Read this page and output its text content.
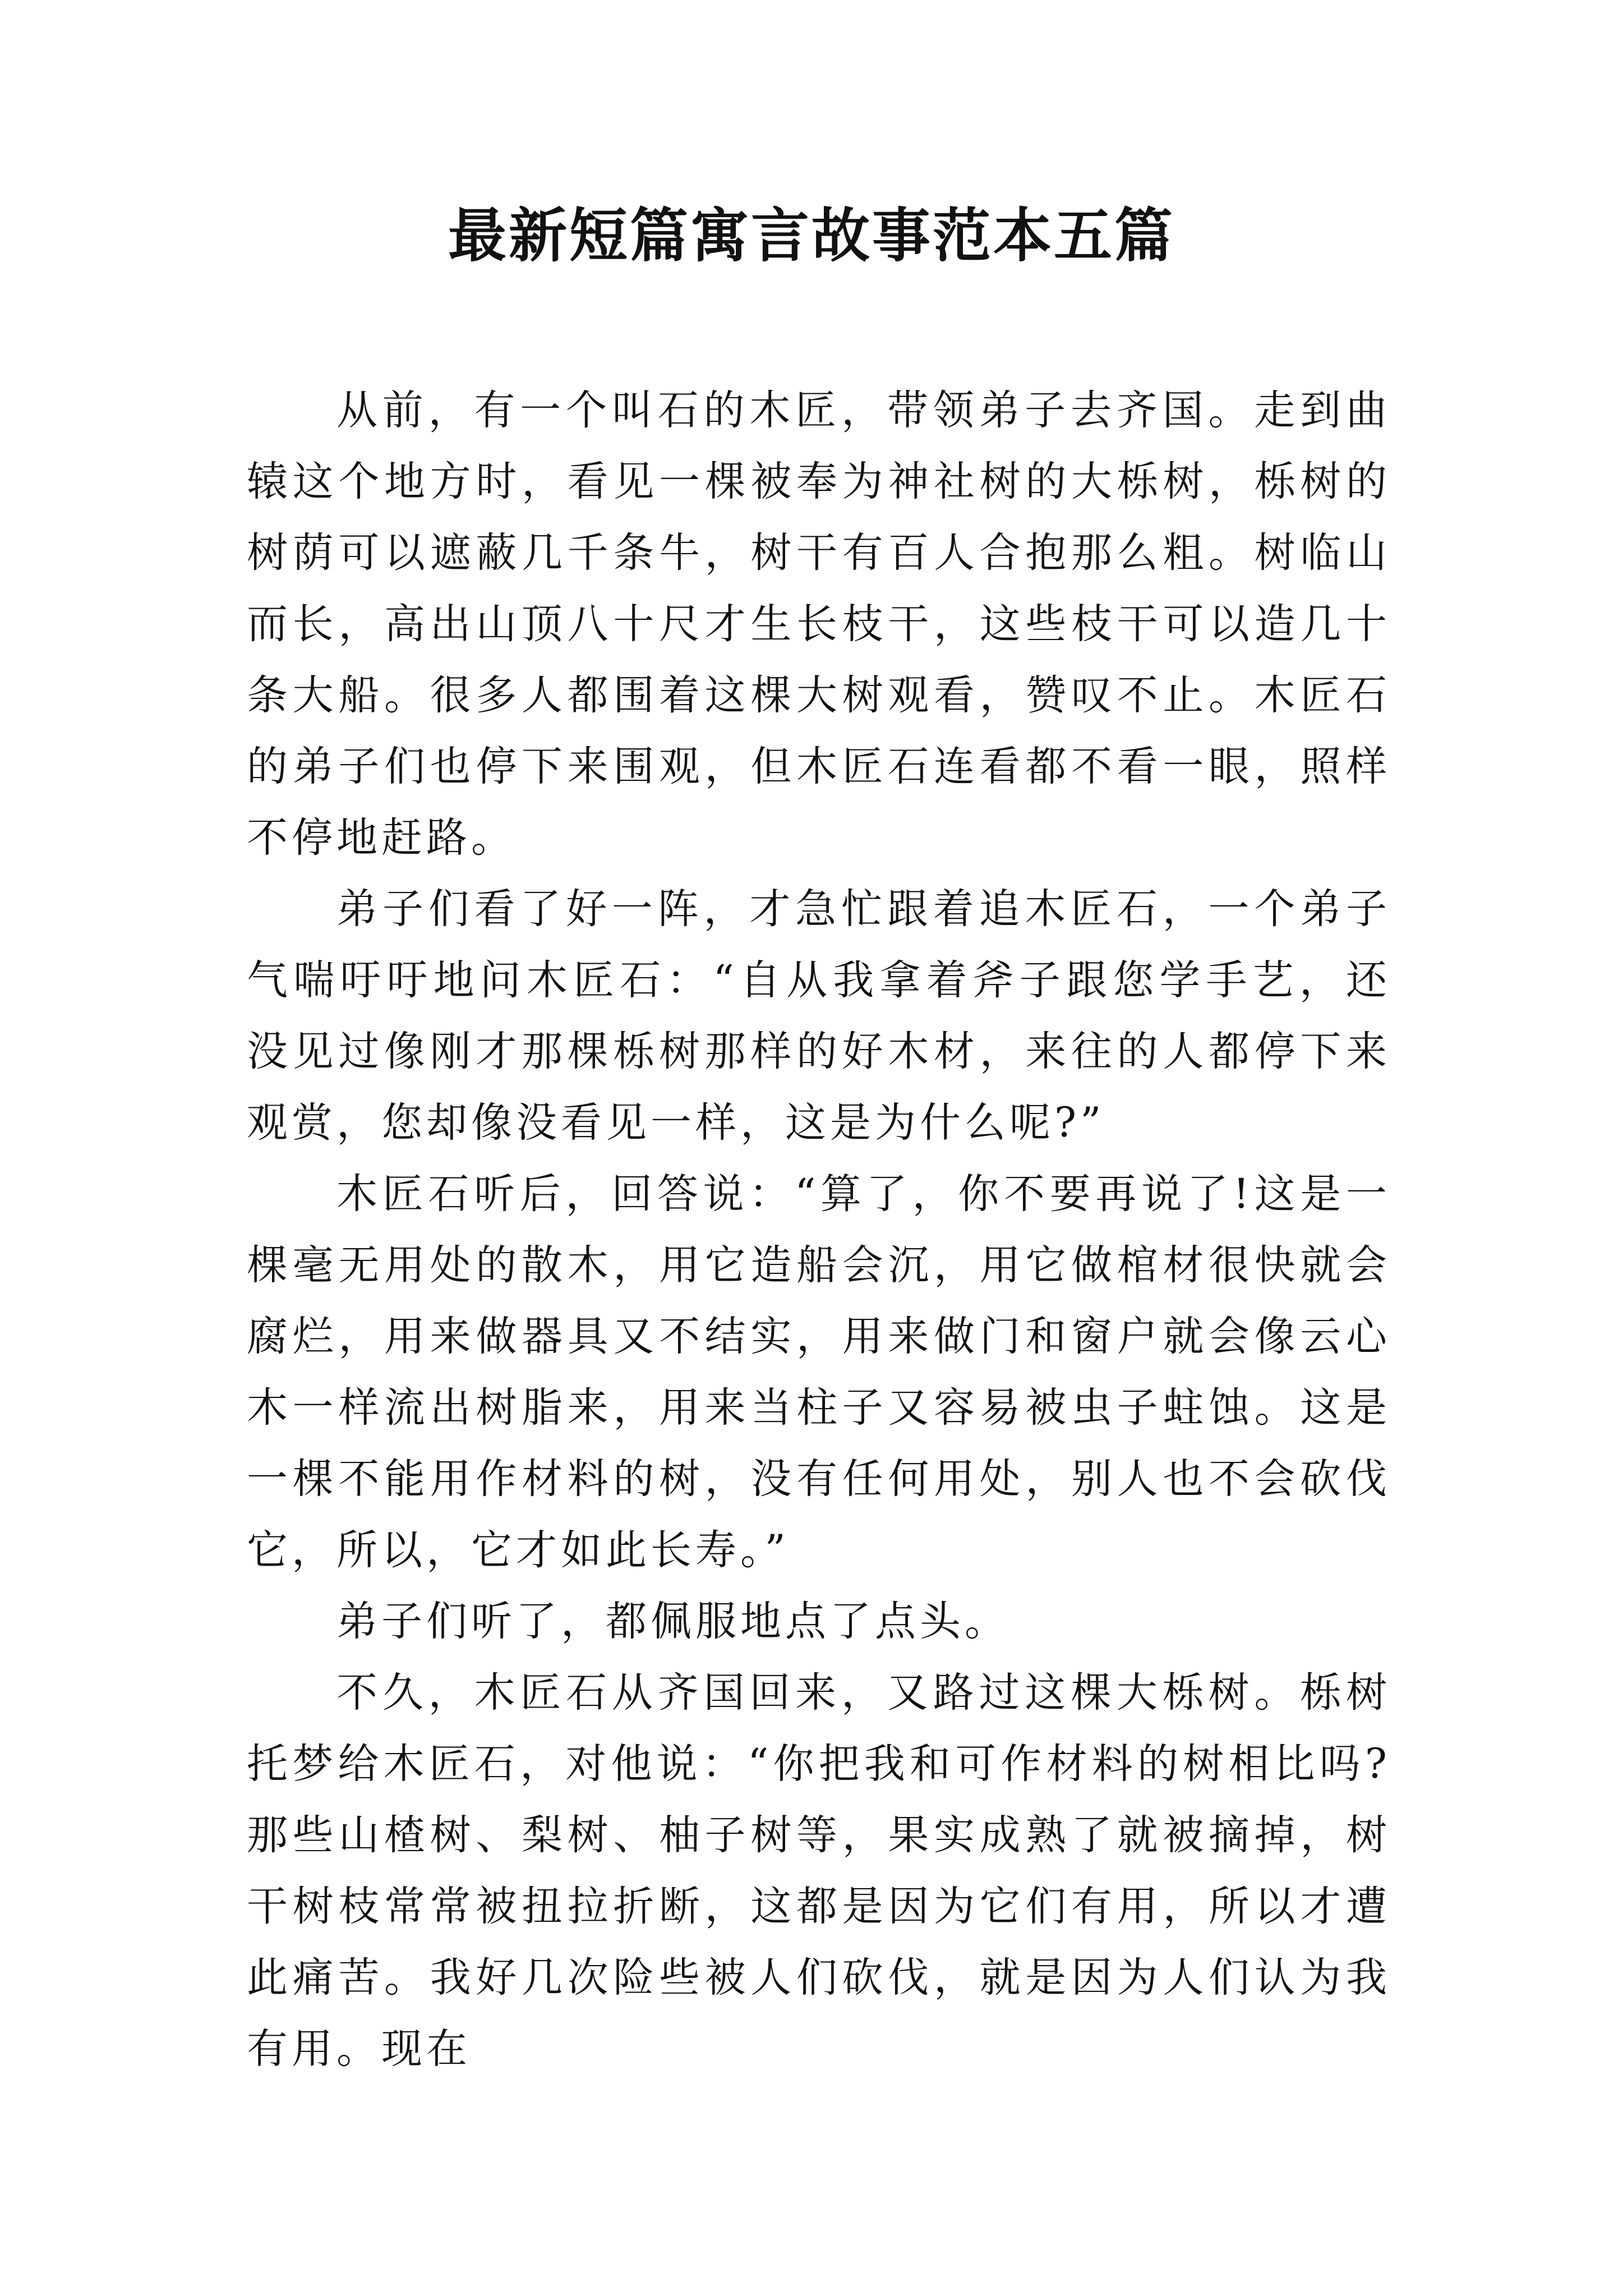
最新短篇寓言故事范本五篇

从前，有一个叫石的木匠，带领弟子去齐国。走到曲辕这个地方时，看见一棵被奉为神社树的大栎树，栎树的树荫可以遮蔽几千条牛，树干有百人合抱那么粗。树临山而长，高出山顶八十尺才生长枝干，这些枝干可以造几十条大船。很多人都围着这棵大树观看，赞叹不止。木匠石的弟子们也停下来围观，但木匠石连看都不看一眼，照样不停地赶路。

弟子们看了好一阵，才急忙跟着追木匠石，一个弟子气喘吁吁地问木匠石：“自从我拿着斧子跟您学手艺，还没见过像刚才那棵栎树那样的好木材，来往的人都停下来观赏，您却像没看见一样，这是为什么呢?”

木匠石听后，回答说：“算了，你不要再说了!这是一棵毫无用处的散木，用它造船会沉，用它做棺材很快就会腐烂，用来做器具又不结实，用来做门和窗户就会像云心木一样流出树脂来，用来当柱子又容易被虫子蛀蚀。这是一棵不能用作材料的树，没有任何用处，别人也不会砍伐它，所以，它才如此长寿。”

弟子们听了，都佩服地点了点头。

不久，木匠石从齐国回来，又路过这棵大栎树。栎树托梦给木匠石，对他说：“你把我和可作材料的树相比吗?那些山楂树、梨树、柚子树等，果实成熟了就被摘掉，树干树枝常常被扭拉折断，这都是因为它们有用，所以才遭此痛苦。我好几次险些被人们砍伐，就是因为人们认为我有用。现在
